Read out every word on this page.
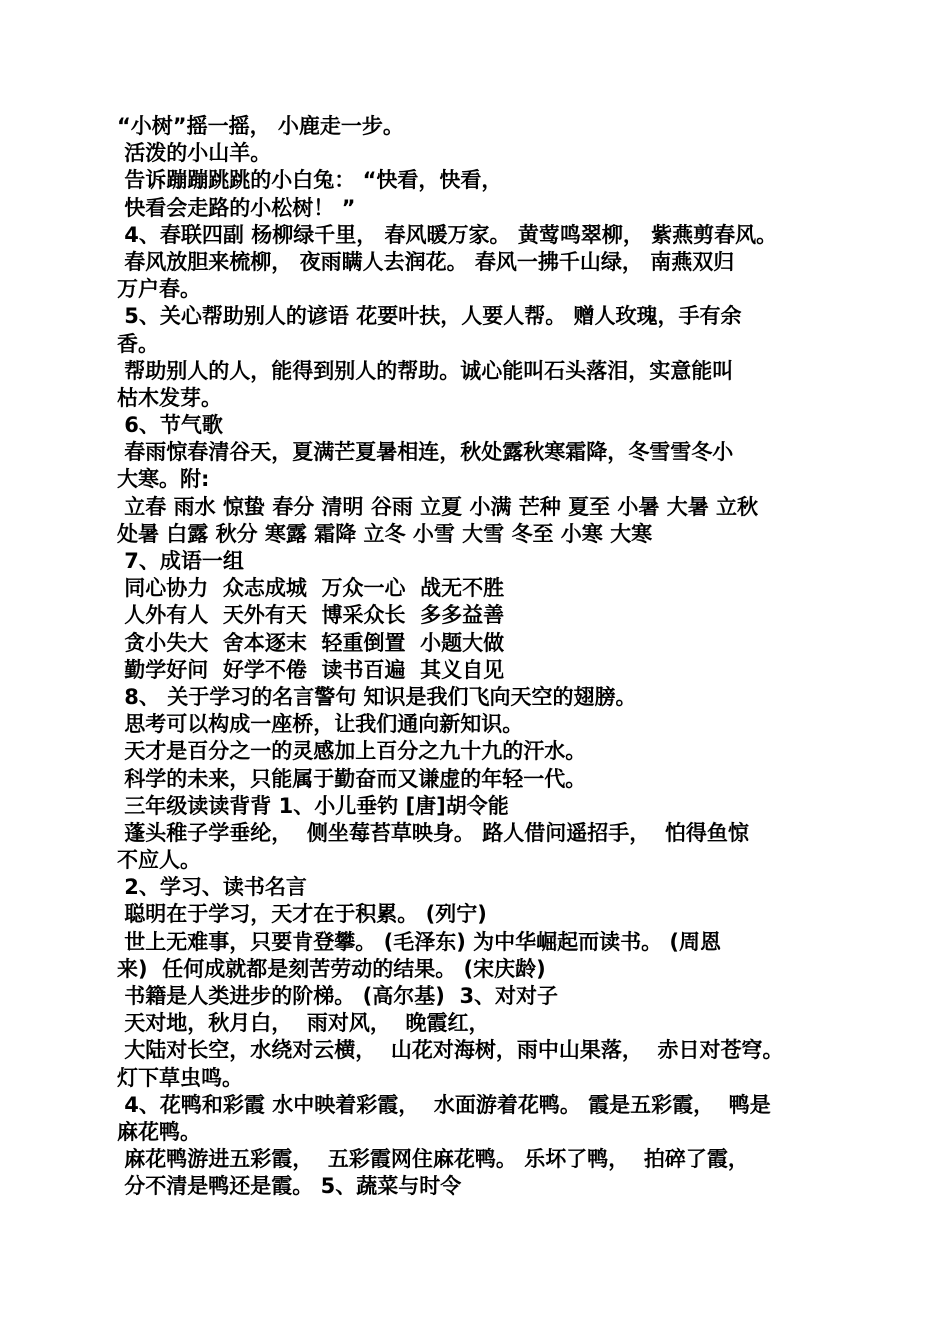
“小树”摇一摇， 小鹿走一步。
活泼的小山羊。
告诉蹦蹦跳跳的小白兔： “快看，快看，
快看会走路的小松树！ ”
4、春联四副 杨柳绿千里， 春风暖万家。 黄莺鸣翠柳， 紫燕剪春风。
春风放胆来梳柳， 夜雨瞒人去润花。 春风一拂千山绿， 南燕双归
万户春。
5、关心帮助别人的谚语 花要叶扶，人要人帮。 赠人玫瑰，手有余
香。
帮助别人的人，能得到别人的帮助。诚心能叫石头落泪，实意能叫
枯木发芽。
6、节气歌
春雨惊春清谷天，夏满芒夏暑相连，秋处露秋寒霜降，冬雪雪冬小
大寒。附:
立春 雨水 惊蛰 春分 清明 谷雨 立夏 小满 芒种 夏至 小暑 大暑 立秋
处暑 白露 秋分 寒露 霜降 立冬 小雪 大雪 冬至 小寒 大寒
7、成语一组
同心协力  众志成城  万众一心  战无不胜
人外有人  天外有天  博采众长  多多益善
贪小失大  舍本逐末  轻重倒置  小题大做
勤学好问  好学不倦  读书百遍  其义自见
8、 关于学习的名言警句 知识是我们飞向天空的翅膀。
思考可以构成一座桥，让我们通向新知识。
天才是百分之一的灵感加上百分之九十九的汗水。
科学的未来，只能属于勤奋而又谦虚的年轻一代。
三年级读读背背 1、小儿垂钓 [唐]胡令能
蓬头稚子学垂纶，  侧坐莓苔草映身。 路人借问遥招手，  怕得鱼惊
不应人。
2、学习、读书名言
聪明在于学习，天才在于积累。 (列宁)
世上无难事，只要肯登攀。 (毛泽东) 为中华崛起而读书。 (周恩
来)  任何成就都是刻苦劳动的结果。 (宋庆龄)
书籍是人类进步的阶梯。 (高尔基)  3、对对子
天对地，秋月白，  雨对风，  晚霞红，
大陆对长空，水绕对云横，  山花对海树，雨中山果落，  赤日对苍穹。
灯下草虫鸣。
4、花鸭和彩霞 水中映着彩霞，  水面游着花鸭。 霞是五彩霞，  鸭是
麻花鸭。
麻花鸭游进五彩霞，  五彩霞网住麻花鸭。 乐坏了鸭，  拍碎了霞，
分不清是鸭还是霞。 5、蔬菜与时令
